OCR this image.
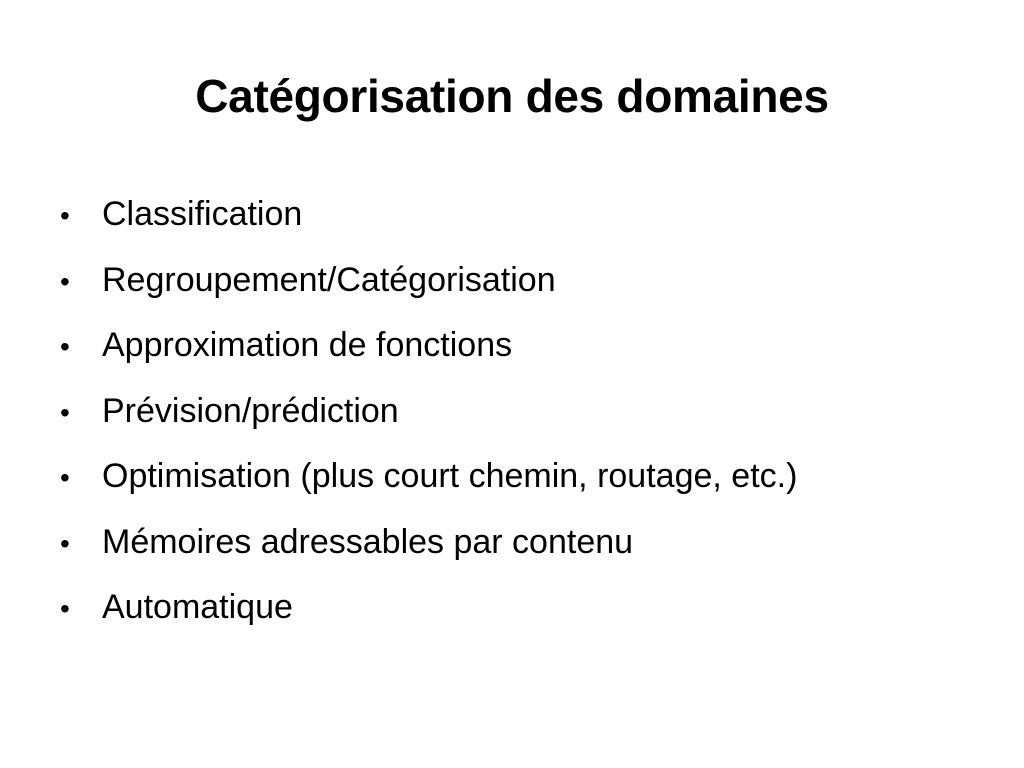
Catégorisation des domaines
• Classification
• Regroupement/Catégorisation
• Approximation de fonctions
• Prévision/prédiction
• Optimisation (plus court chemin, routage, etc.)
• Mémoires adressables par contenu
• Automatique
